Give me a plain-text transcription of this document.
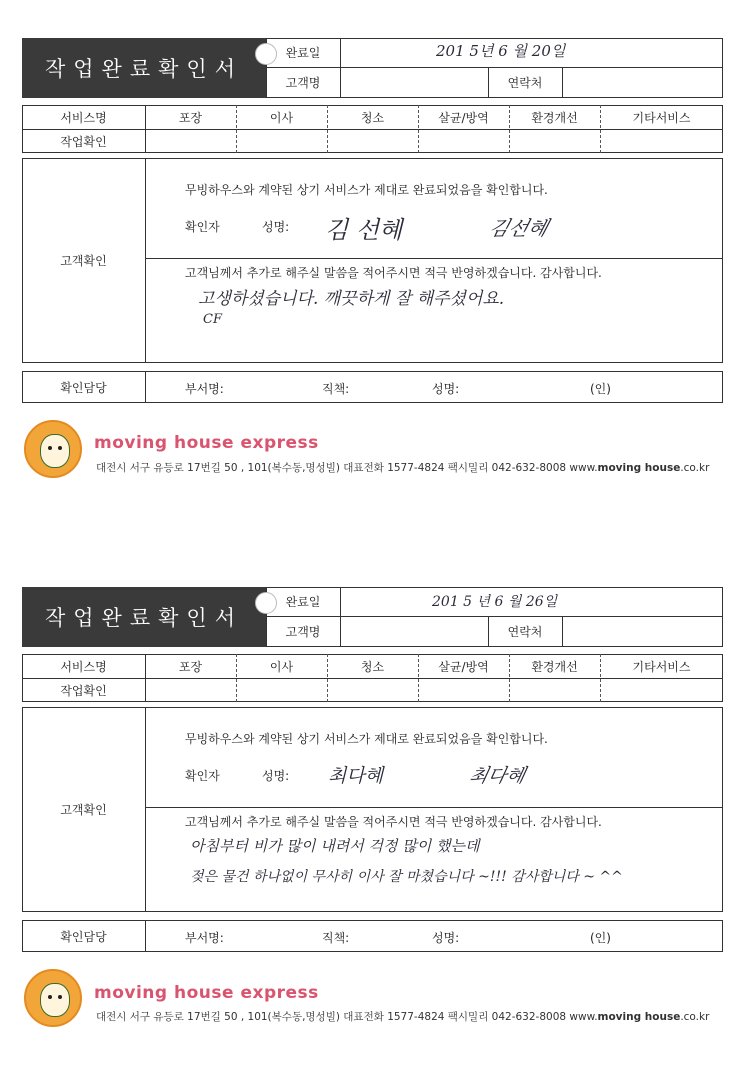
작업완료확인서
완료일	201 5년 6 월 20일
고객명	연락처
서비스명	포장	이사	청소	살균/방역	환경개선	기타서비스
작업확인
고객확인
무빙하우스와 계약된 상기 서비스가 제대로 완료되었음을 확인합니다.
확인자	성명: 김 선혜	김선혜
고객님께서 추가로 해주실 말씀을 적어주시면 적극 반영하겠습니다. 감사합니다.
고생하셨습니다. 깨끗하게 잘 해주셨어요.
CF
확인담당	부서명:	직책:	성명:	(인)
moving house express
대전시 서구 유등로 17번길 50 , 101(복수동,명성빌) 대표전화 1577-4824 팩시밀리 042-632-8008 www.moving house.co.kr
작업완료확인서
완료일	201 5 년 6 월 26일
고객명	연락처
서비스명	포장	이사	청소	살균/방역	환경개선	기타서비스
작업확인
고객확인
무빙하우스와 계약된 상기 서비스가 제대로 완료되었음을 확인합니다.
확인자	성명: 최다혜	최다혜
고객님께서 추가로 해주실 말씀을 적어주시면 적극 반영하겠습니다. 감사합니다.
아침부터 비가 많이 내려서 걱정 많이 했는데
젖은 물건 하나없이 무사히 이사 잘 마쳤습니다 ~!!! 감사합니다 ~ ^^
확인담당	부서명:	직책:	성명:	(인)
moving house express
대전시 서구 유등로 17번길 50 , 101(복수동,명성빌) 대표전화 1577-4824 팩시밀리 042-632-8008 www.moving house.co.kr
